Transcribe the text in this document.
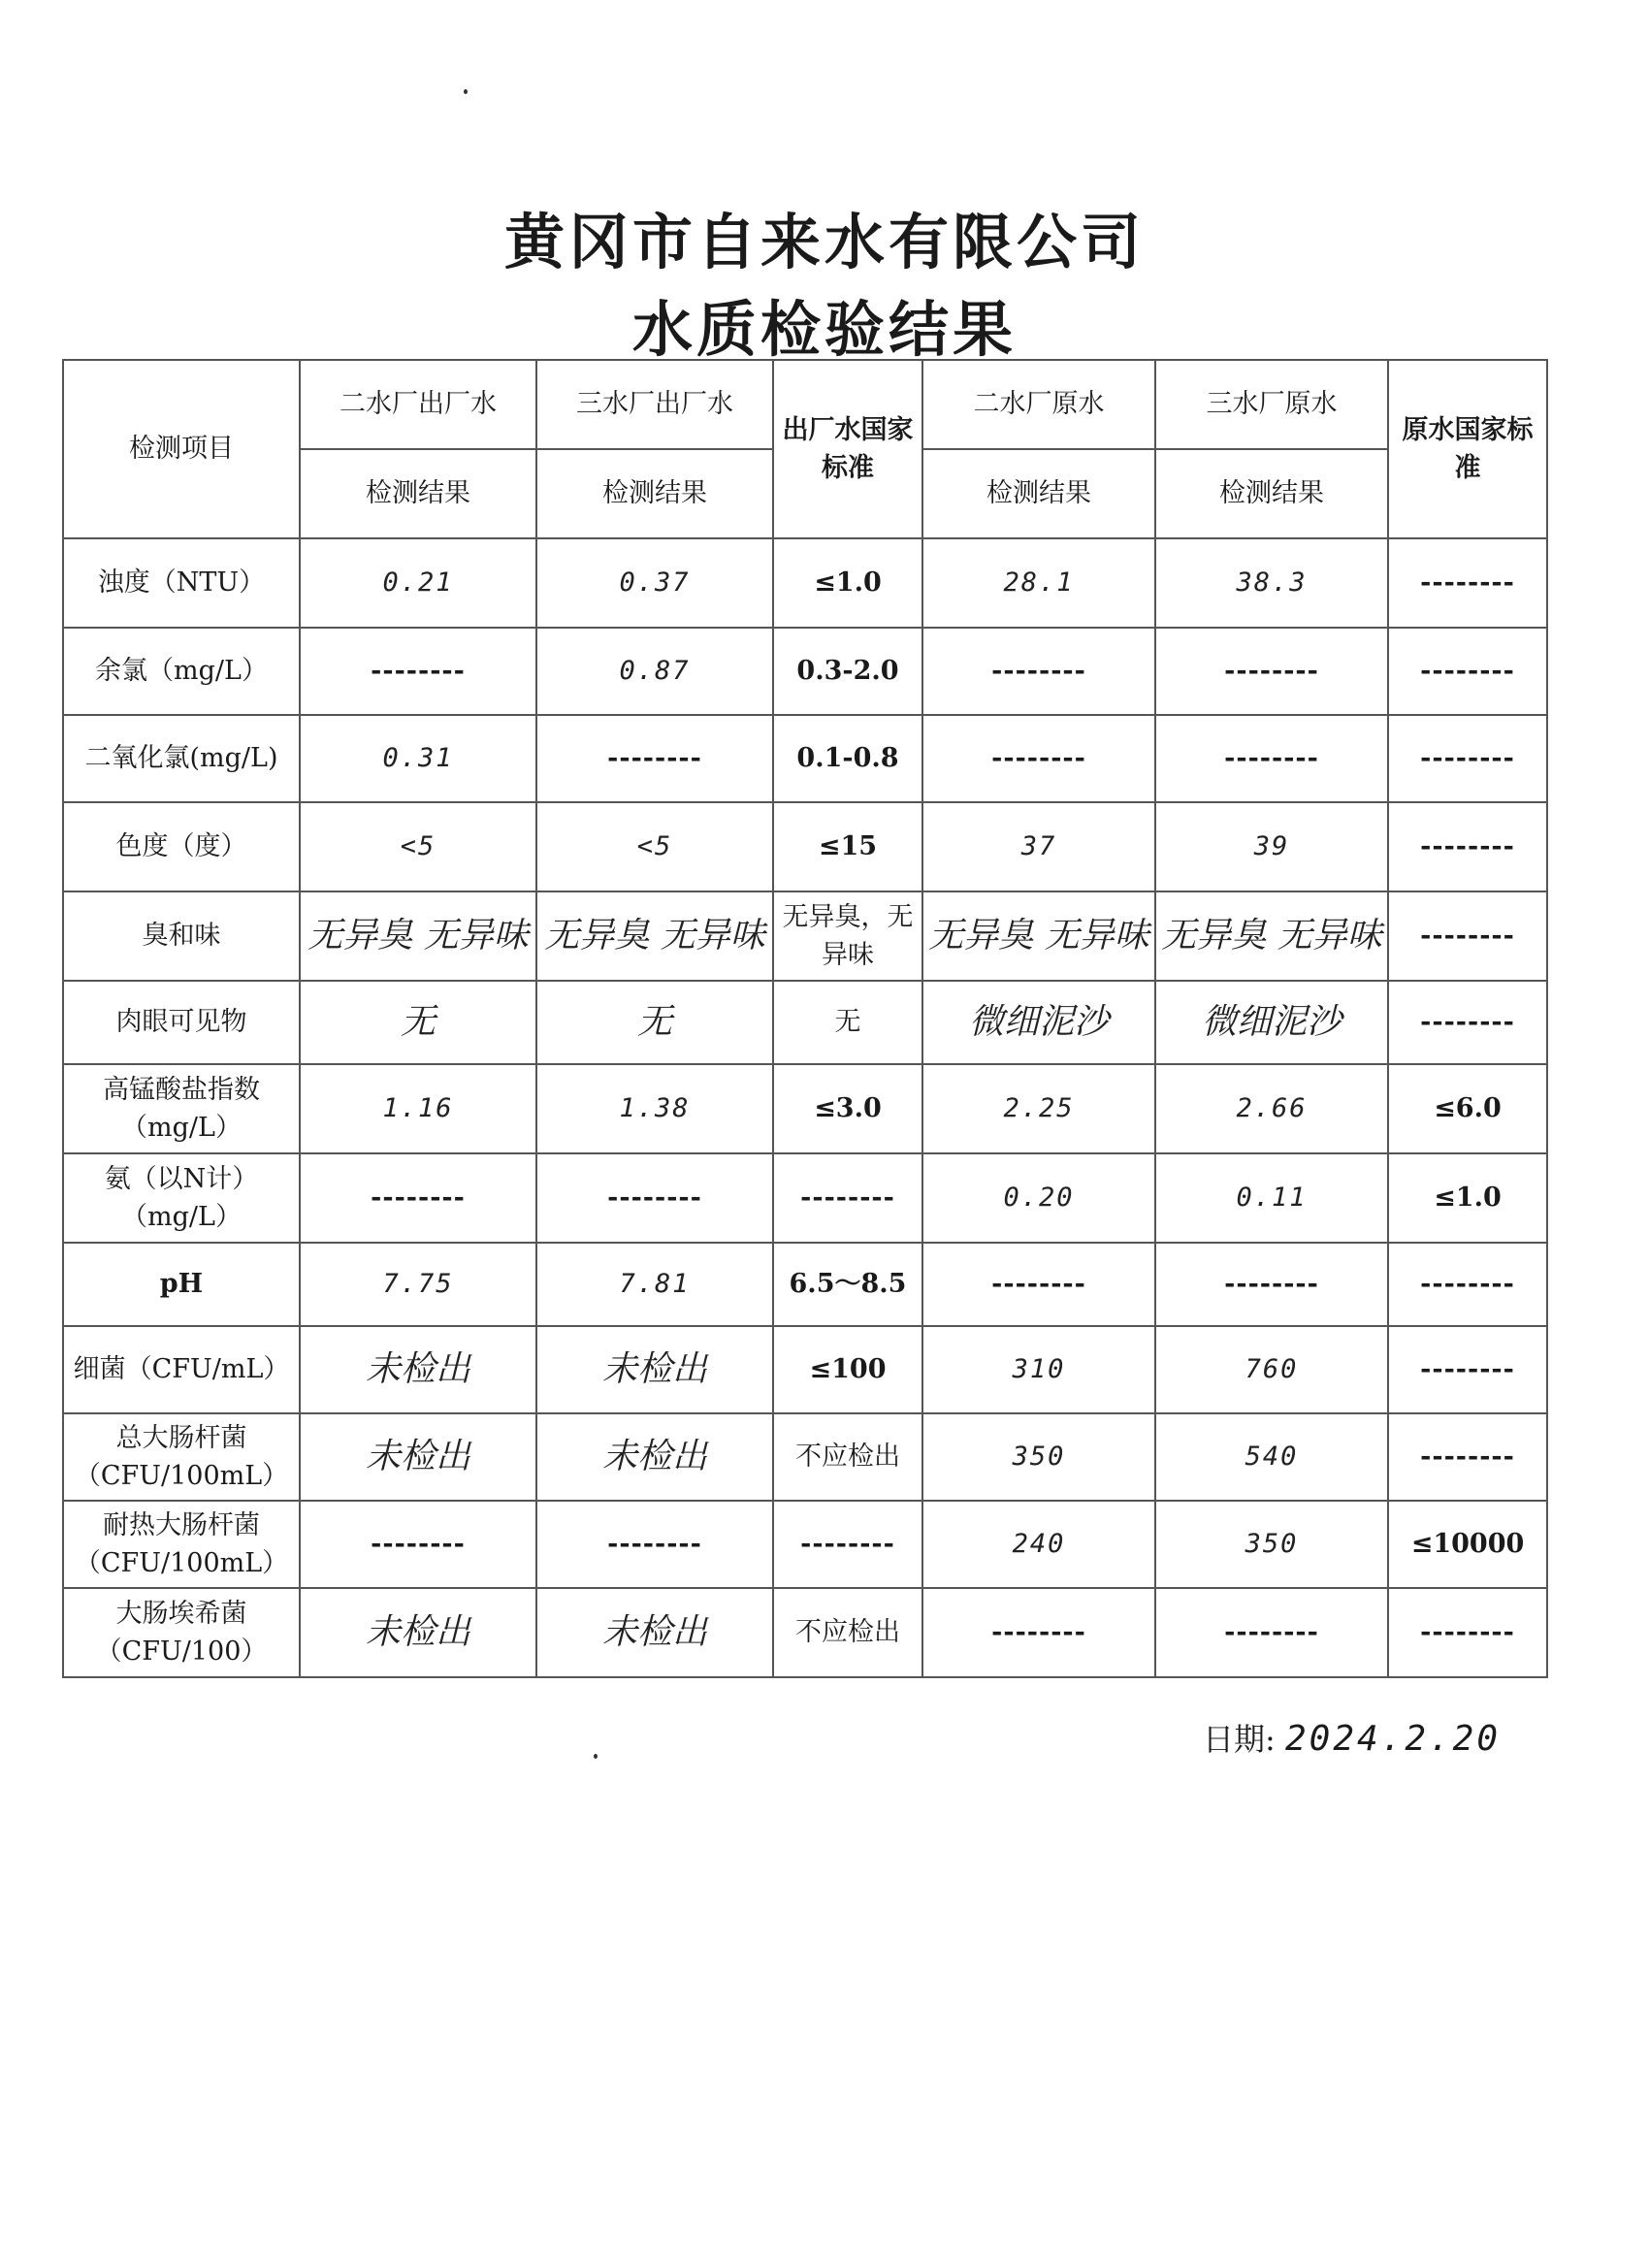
黄冈市自来水有限公司
水质检验结果
检测项目	二水厂出厂水	三水厂出厂水	出厂水国家标准	二水厂原水	三水厂原水	原水国家标准
	检测结果	检测结果		检测结果	检测结果	
浊度（NTU）	0.21	0.37	≤1.0	28.1	38.3	--------
余氯（mg/L）	--------	0.87	0.3-2.0	--------	--------	--------
二氧化氯(mg/L)	0.31	--------	0.1-0.8	--------	--------	--------
色度（度）	<5	<5	≤15	37	39	--------
臭和味	无异臭 无异味	无异臭 无异味	无异臭，无异味	无异臭 无异味	无异臭 无异味	--------
肉眼可见物	无	无	无	微细泥沙	微细泥沙	--------
高锰酸盐指数（mg/L）	1.16	1.38	≤3.0	2.25	2.66	≤6.0
氨（以N计）（mg/L）	--------	--------	--------	0.20	0.11	≤1.0
pH	7.75	7.81	6.5～8.5	--------	--------	--------
细菌（CFU/mL）	未检出	未检出	≤100	310	760	--------
总大肠杆菌（CFU/100mL）	未检出	未检出	不应检出	350	540	--------
耐热大肠杆菌（CFU/100mL）	--------	--------	--------	240	350	≤10000
大肠埃希菌（CFU/100）	未检出	未检出	不应检出	--------	--------	--------
日期: 2024.2.20
